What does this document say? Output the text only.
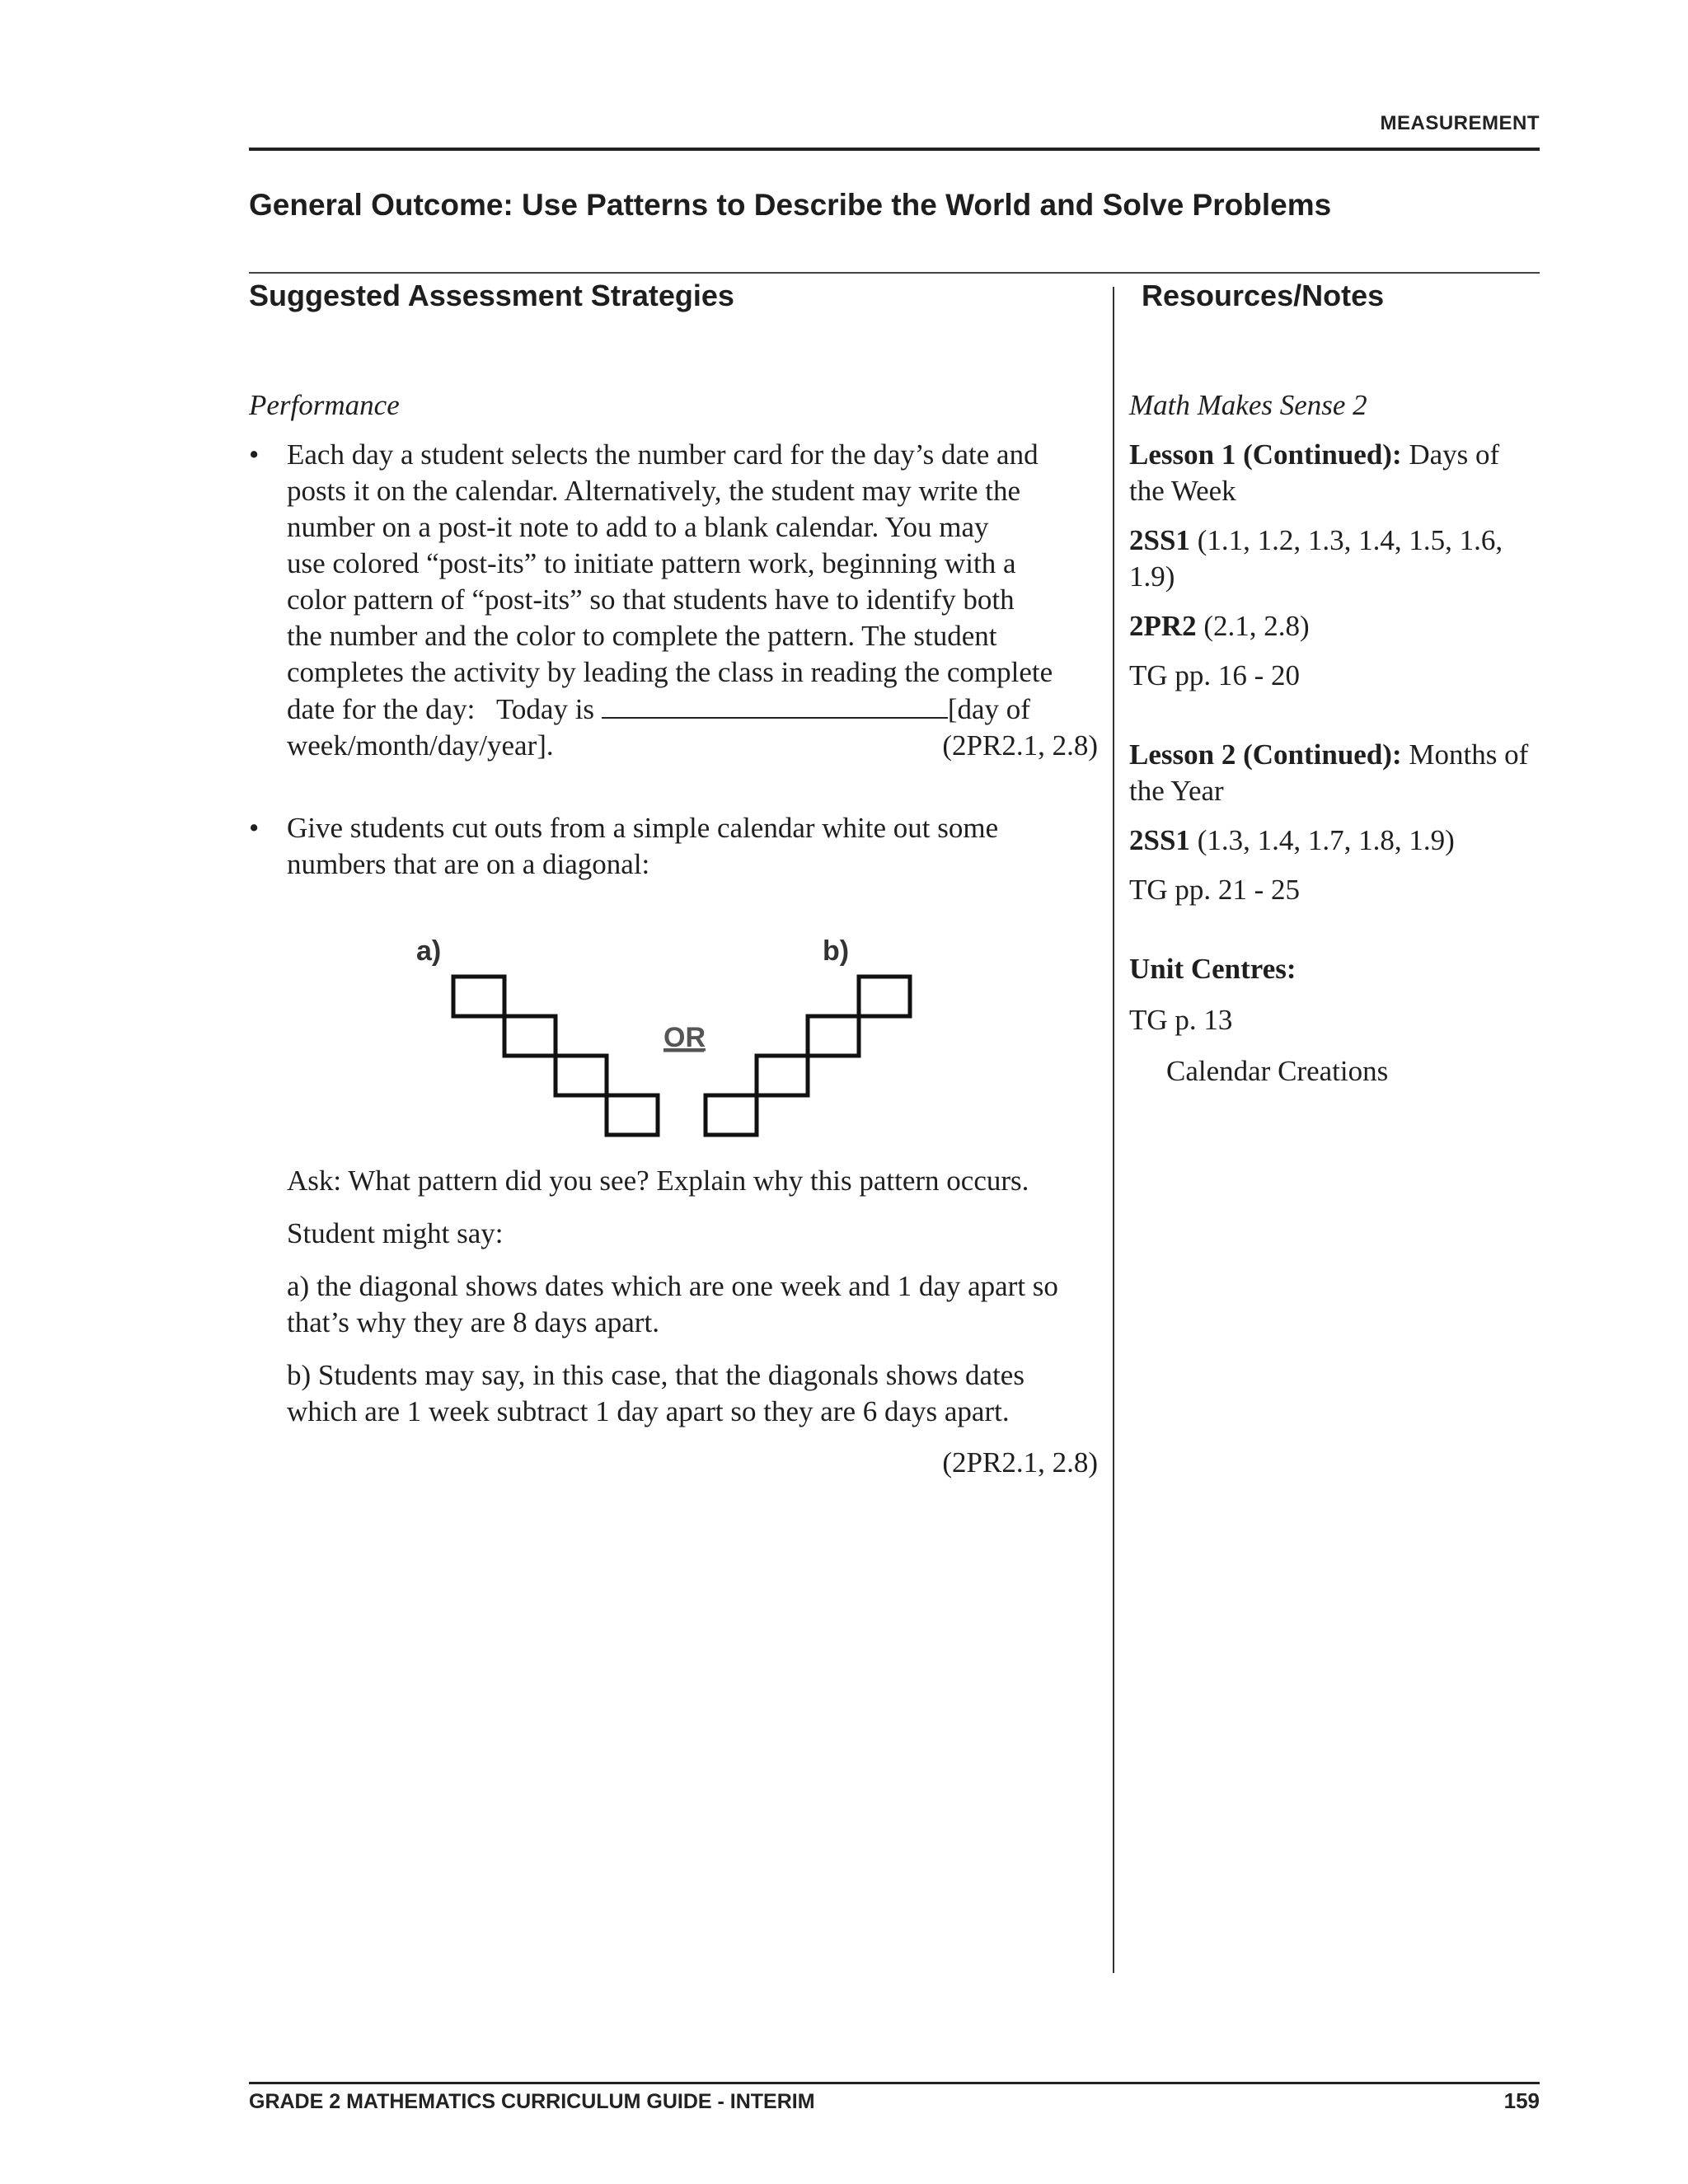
MEASUREMENT
General Outcome: Use Patterns to Describe the World and Solve Problems
Suggested Assessment Strategies	Resources/Notes
Performance
• Each day a student selects the number card for the day’s date and
posts it on the calendar. Alternatively, the student may write the
number on a post-it note to add to a blank calendar. You may
use colored “post-its” to initiate pattern work, beginning with a
color pattern of “post-its” so that students have to identify both
the number and the color to complete the pattern. The student
completes the activity by leading the class in reading the complete
date for the day:   Today is	[day of
week/month/day/year].	(2PR2.1, 2.8)
• Give students cut outs from a simple calendar white out some
numbers that are on a diagonal:
Ask: What pattern did you see? Explain why this pattern occurs.
Student might say:
a) the diagonal shows dates which are one week and 1 day apart so
that’s why they are 8 days apart.
b) Students may say, in this case, that the diagonals shows dates
which are 1 week subtract 1 day apart so they are 6 days apart.
(2PR2.1, 2.8)
a)	b)
OR
Math Makes Sense 2
Lesson 1 (Continued): Days of
the Week
2SS1 (1.1, 1.2, 1.3, 1.4, 1.5, 1.6,
1.9)
2PR2 (2.1, 2.8)
TG pp. 16 - 20
Lesson 2 (Continued): Months of
the Year
2SS1 (1.3, 1.4, 1.7, 1.8, 1.9)
TG pp. 21 - 25
Unit Centres:
TG p. 13
Calendar Creations
GRADE 2 MATHEMATICS CURRICULUM GUIDE - INTERIM	159
